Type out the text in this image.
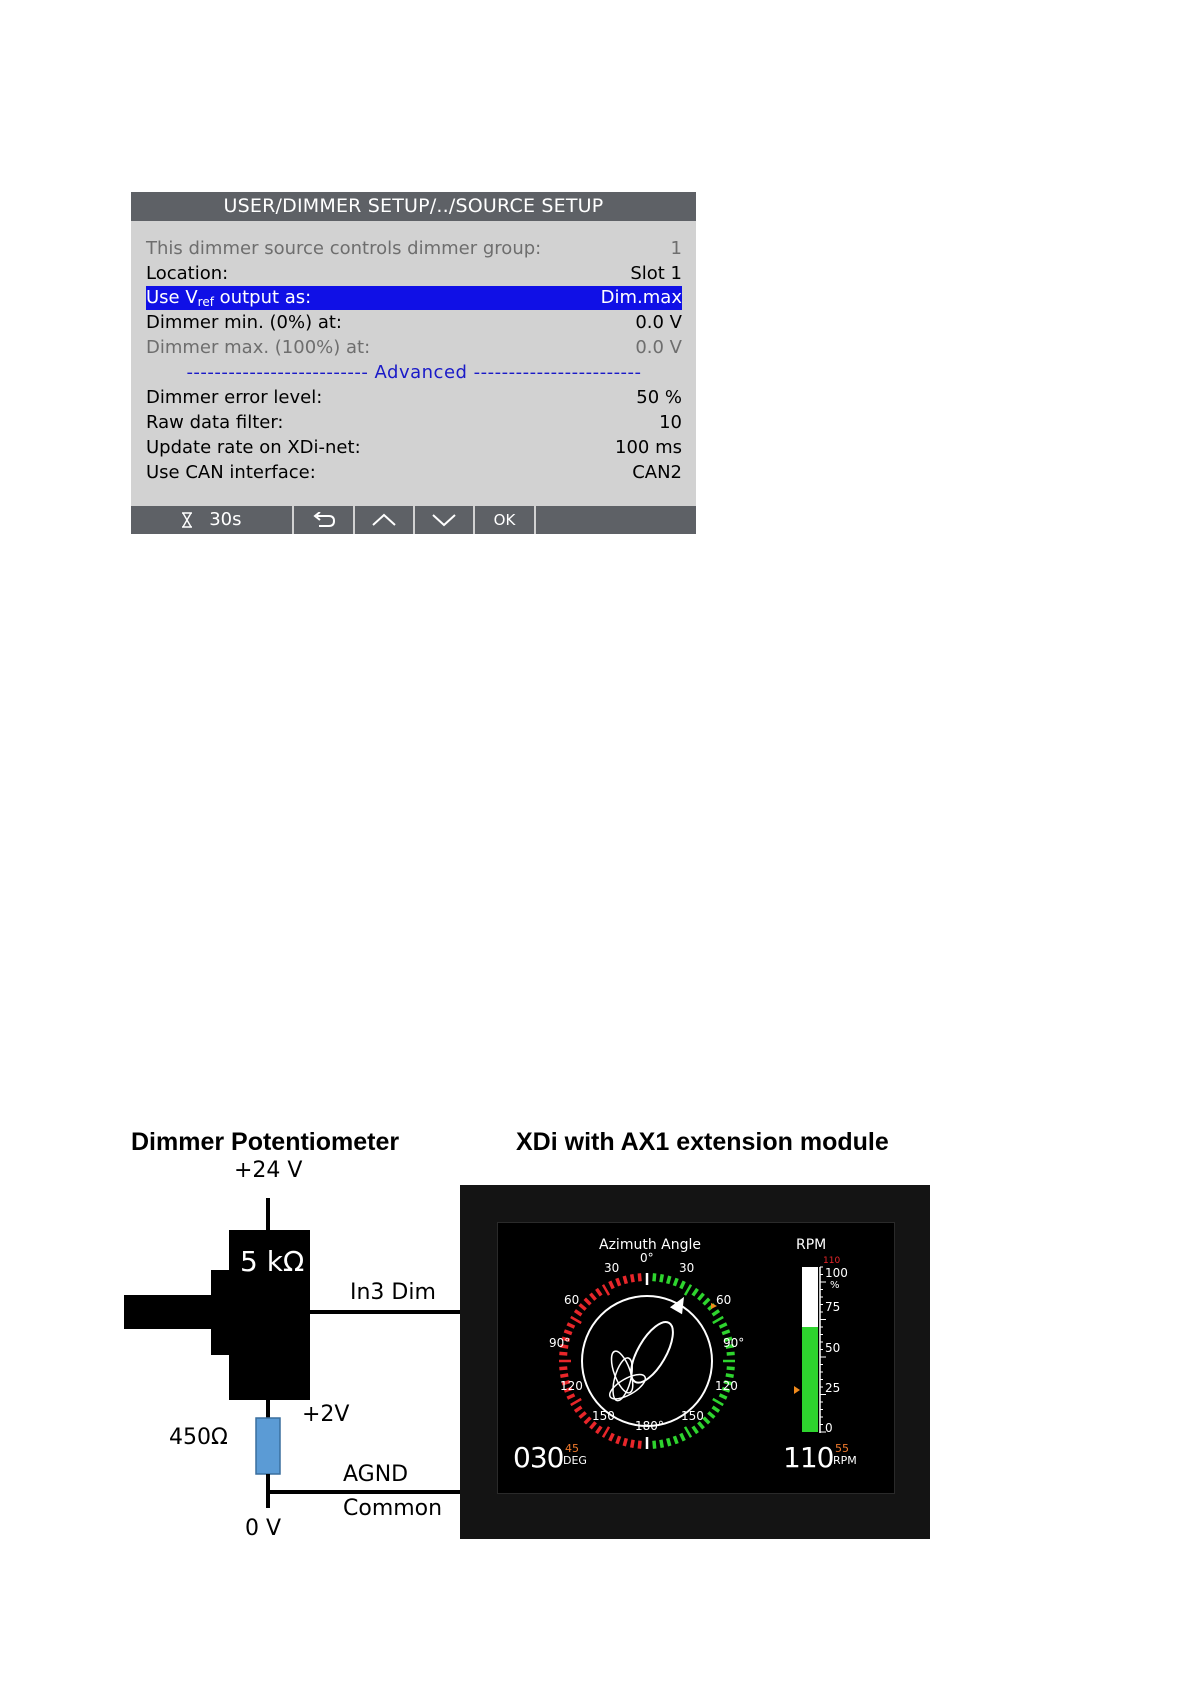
USER/DIMMER SETUP/../SOURCE SETUP
This dimmer source controls dimmer group:	1
Location:	Slot 1
Use Vref output as:	Dim.max
Dimmer min. (0%) at:	0.0 V
Dimmer max. (100%) at:	0.0 V
-------------------------- Advanced ------------------------
Dimmer error level:	50 %
Raw data filter:	10
Update rate on XDi-net:	100 ms
Use CAN interface:	CAN2
30s	OK
Dimmer Potentiometer	XDi with AX1 extension module
5 kΩ
+24 V
In3 Dim
450Ω
+2V
AGND
Common
0 V
Azimuth Angle	RPM
0°
30	30
60	60
90°	90°
120	120
150	150
180°
110
100
%
75
50
25
0
030 45
DEG	110 55
RPM
